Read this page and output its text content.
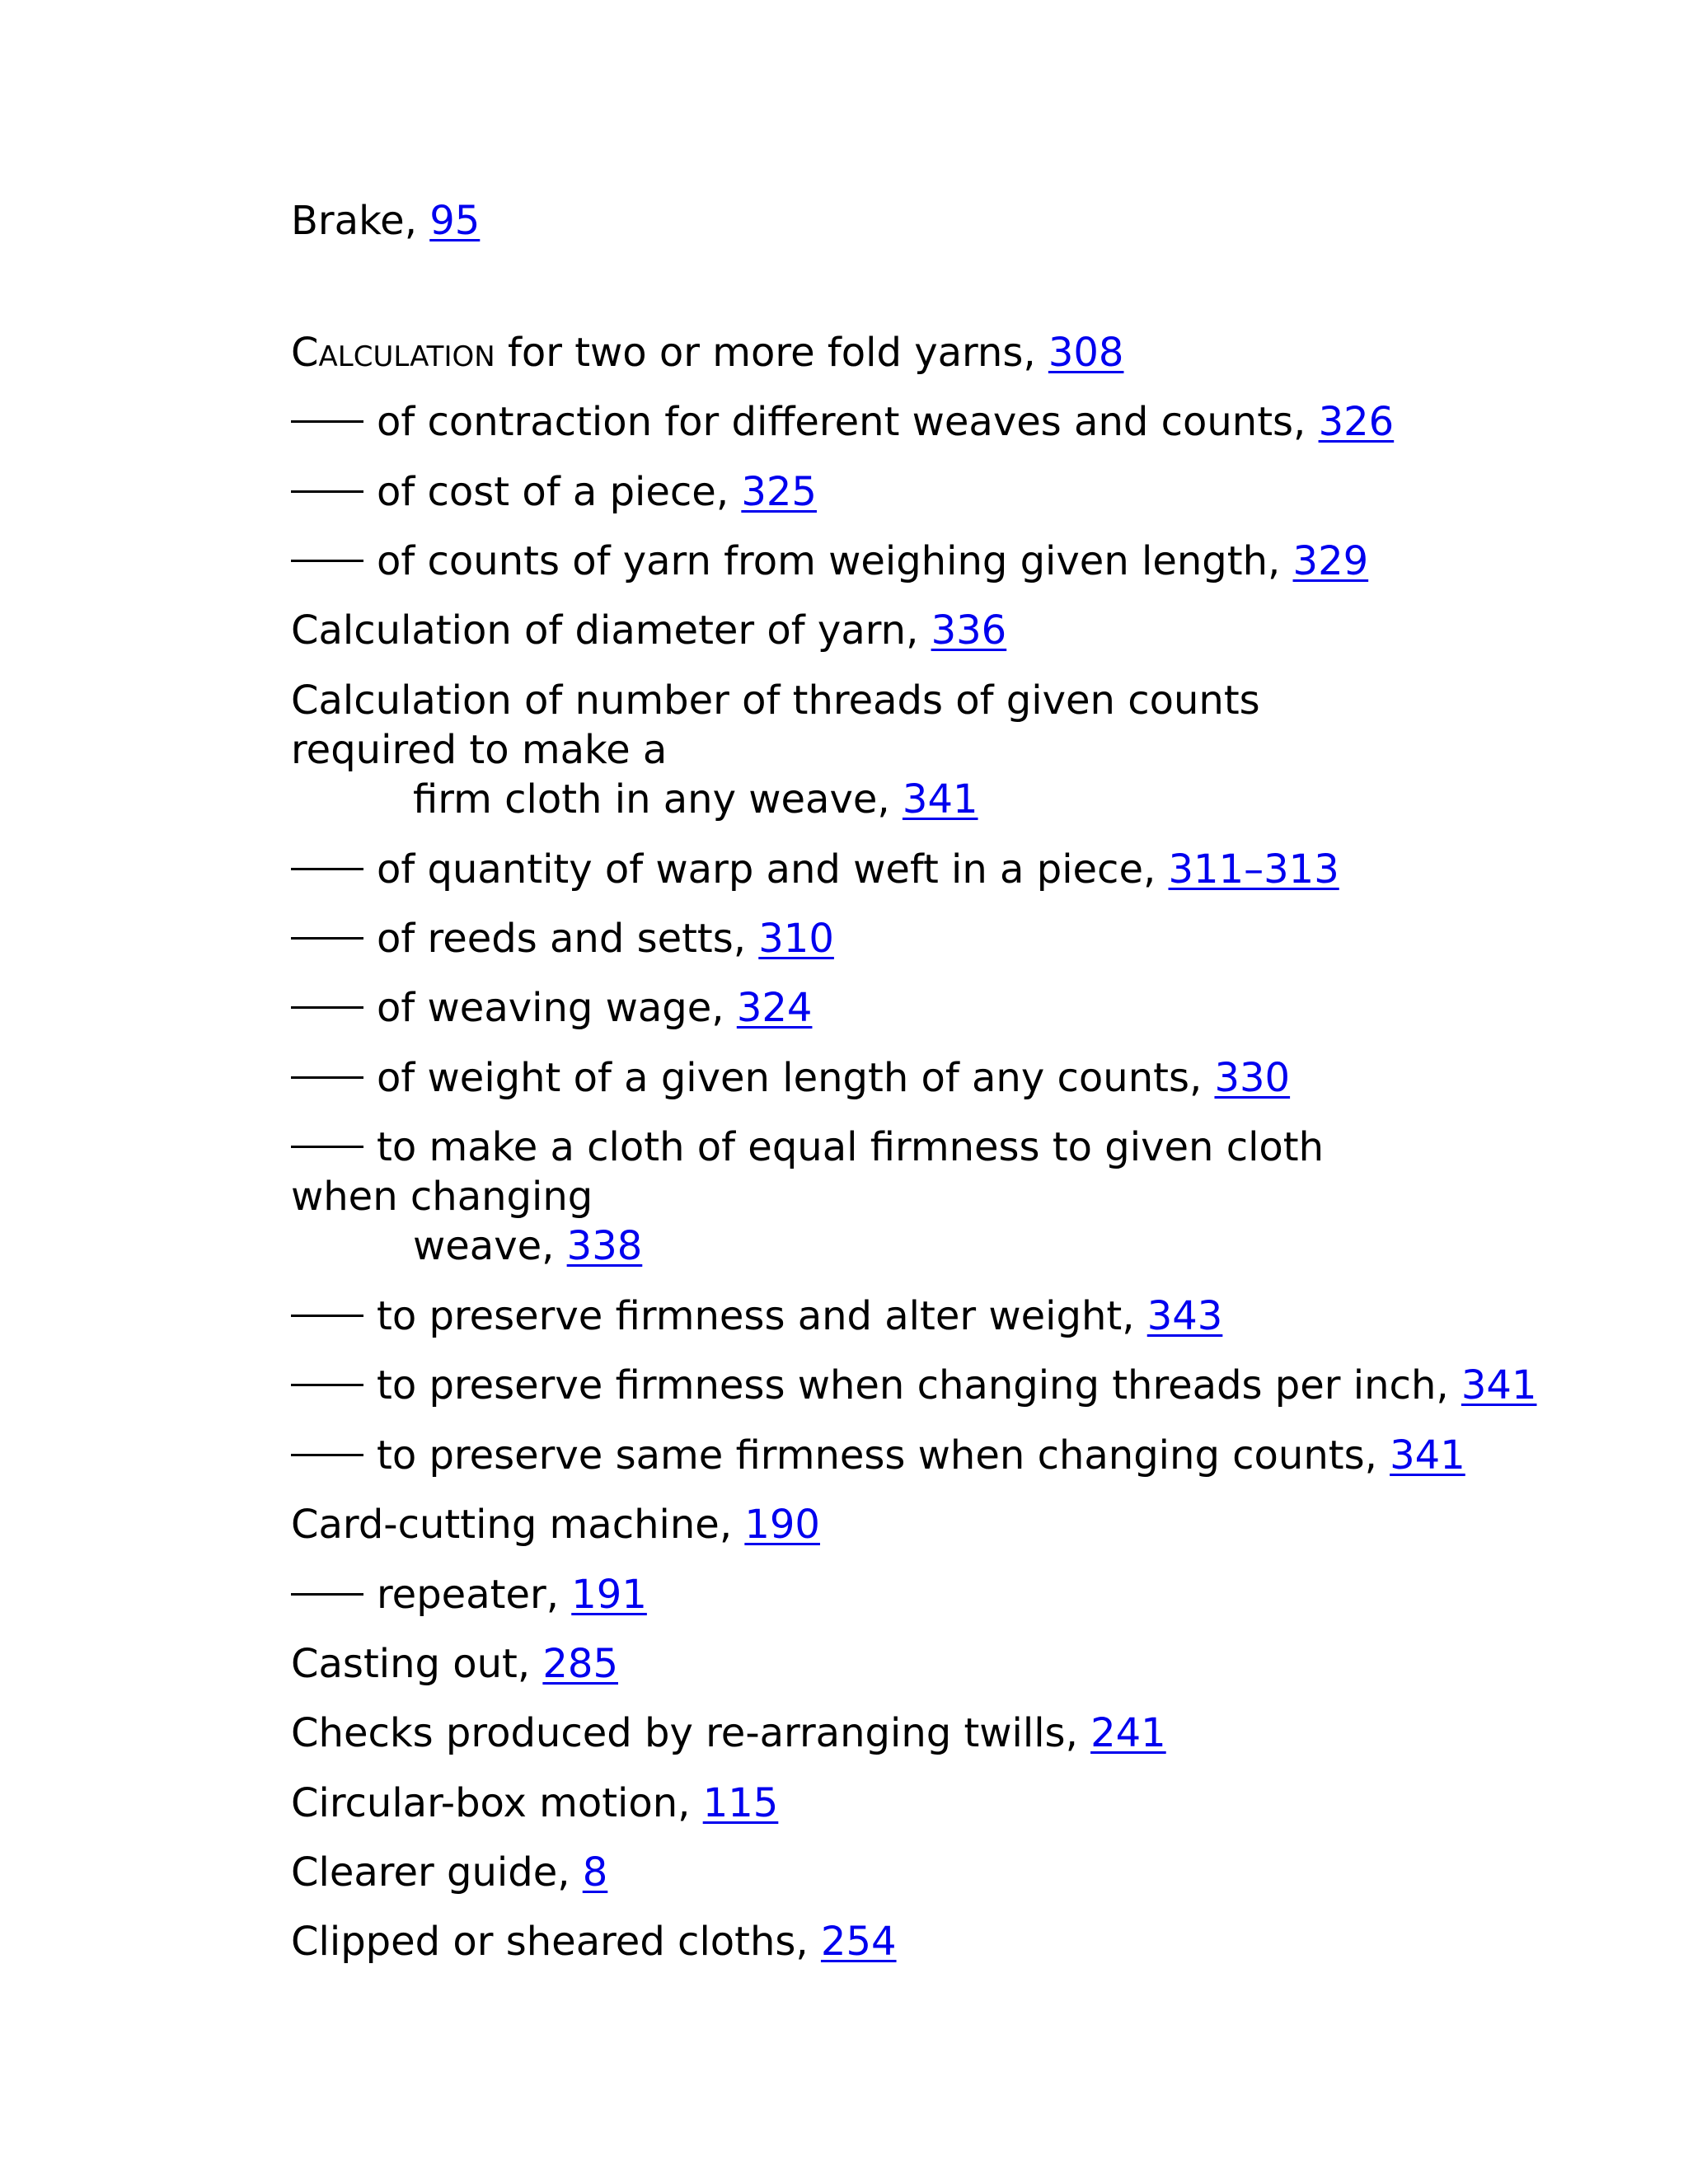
Brake, 95
Calculation for two or more fold yarns, 308
of contraction for different weaves and counts, 326
of cost of a piece, 325
of counts of yarn from weighing given length, 329
Calculation of diameter of yarn, 336
Calculation of number of threads of given counts required to make a
firm cloth in any weave, 341
of quantity of warp and weft in a piece, 311–313
of reeds and setts, 310
of weaving wage, 324
of weight of a given length of any counts, 330
to make a cloth of equal firmness to given cloth when changing
weave, 338
to preserve firmness and alter weight, 343
to preserve firmness when changing threads per inch, 341
to preserve same firmness when changing counts, 341
Card-cutting machine, 190
repeater, 191
Casting out, 285
Checks produced by re-arranging twills, 241
Circular-box motion, 115
Clearer guide, 8
Clipped or sheared cloths, 254
